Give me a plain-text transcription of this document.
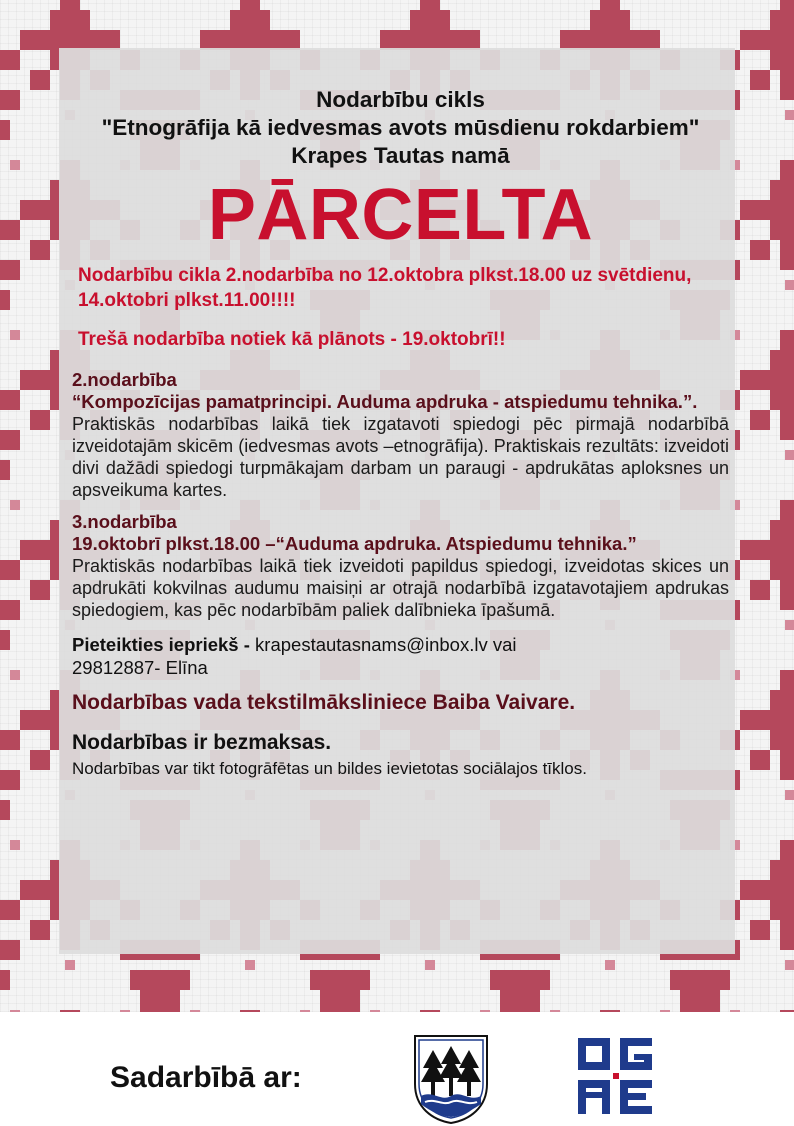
Nodarbību cikls
"Etnogrāfija kā iedvesmas avots mūsdienu rokdarbiem"
Krapes Tautas namā
PĀRCELTA
Nodarbību cikla 2.nodarbība no 12.oktobra plkst.18.00 uz svētdienu, 14.oktobri plkst.11.00!!!!
Trešā nodarbība notiek kā plānots - 19.oktobrī!!
2.nodarbība
“Kompozīcijas pamatprincipi. Auduma apdruka - atspiedumu tehnika.”.
Praktiskās nodarbības laikā tiek izgatavoti spiedogi pēc pirmajā nodarbībā izveidotajām skicēm (iedvesmas avots –etnogrāfija). Praktiskais rezultāts: izveidoti divi dažādi spiedogi turpmākajam darbam un paraugi - apdrukātas aploksnes un apsveikuma kartes.
3.nodarbība
19.oktobrī plkst.18.00 –“Auduma apdruka. Atspiedumu tehnika.”
Praktiskās nodarbības laikā tiek izveidoti papildus spiedogi, izveidotas skices un apdrukāti kokvilnas audumu maisiņi ar otrajā nodarbībā izgatavotajiem apdrukas spiedogiem, kas pēc nodarbībām paliek dalībnieka īpašumā.
Pieteikties iepriekš - krapestautasnams@inbox.lv vai
29812887- Elīna
Nodarbības vada tekstilmāksliniece Baiba Vaivare.
Nodarbības ir bezmaksas.
Nodarbības var tikt fotogrāfētas un bildes ievietotas sociālajos tīklos.
Sadarbībā ar:
